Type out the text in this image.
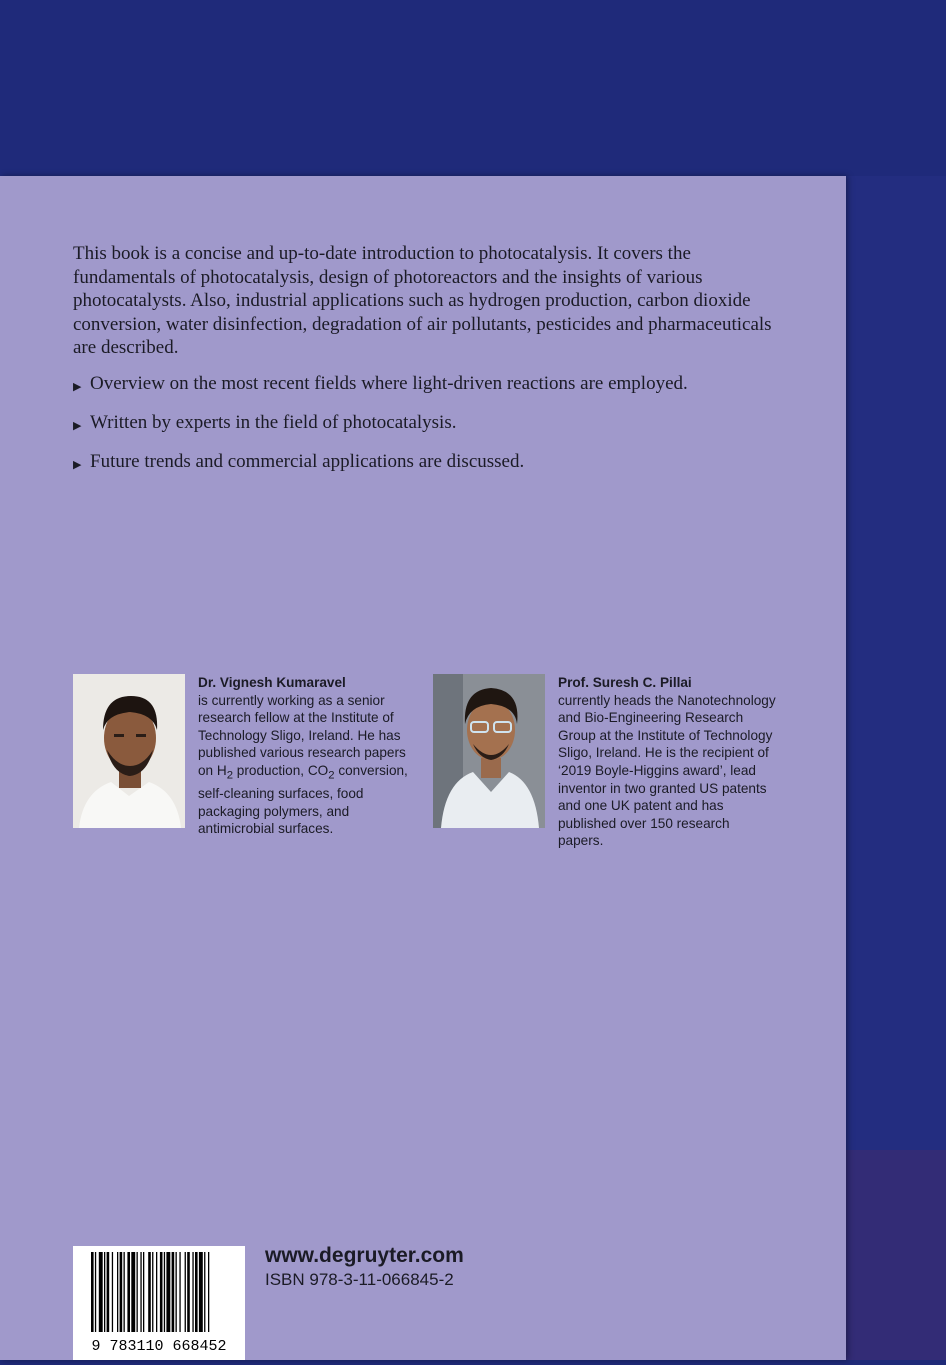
This book is a concise and up-to-date introduction to photocatalysis. It covers the fundamentals of photocatalysis, design of photoreactors and the insights of various photocatalysts. Also, industrial applications such as hydrogen production, carbon dioxide conversion, water disinfection, degradation of air pollutants, pesticides and pharmaceuticals are described.

▶ Overview on the most recent fields where light-driven reactions are employed.
▶ Written by experts in the field of photocatalysis.
▶ Future trends and commercial applications are discussed.
Dr. Vignesh Kumaravel
is currently working as a senior research fellow at the Institute of Technology Sligo, Ireland. He has published various research papers on $H_2$ production, $CO_2$ conversion, self-cleaning surfaces, food packaging polymers, and antimicrobial surfaces.
Prof. Suresh C. Pillai
currently heads the Nanotechnology and Bio-Engineering Research Group at the Institute of Technology Sligo, Ireland. He is the recipient of ‘2019 Boyle-Higgins award’, lead inventor in two granted US patents and one UK patent and has published over 150 research papers.
9 783110 668452
www.degruyter.com
ISBN 978-3-11-066845-2
